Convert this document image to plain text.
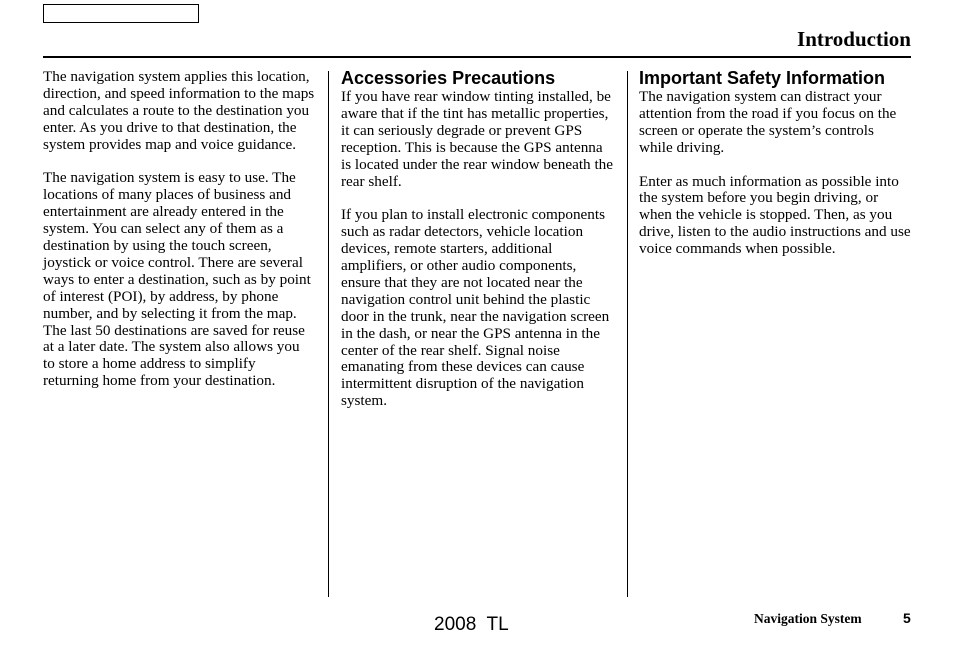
Introduction

The navigation system applies this location, direction, and speed information to the maps and calculates a route to the destination you enter. As you drive to that destination, the system provides map and voice guidance.

The navigation system is easy to use. The locations of many places of business and entertainment are already entered in the system. You can select any of them as a destination by using the touch screen, joystick or voice control. There are several ways to enter a destination, such as by point of interest (POI), by address, by phone number, and by selecting it from the map. The last 50 destinations are saved for reuse at a later date. The system also allows you to store a home address to simplify returning home from your destination.

Accessories Precautions

If you have rear window tinting installed, be aware that if the tint has metallic properties, it can seriously degrade or prevent GPS reception. This is because the GPS antenna is located under the rear window beneath the rear shelf.

If you plan to install electronic components such as radar detectors, vehicle location devices, remote starters, additional amplifiers, or other audio components, ensure that they are not located near the navigation control unit behind the plastic door in the trunk, near the navigation screen in the dash, or near the GPS antenna in the center of the rear shelf. Signal noise emanating from these devices can cause intermittent disruption of the navigation system.

Important Safety Information

The navigation system can distract your attention from the road if you focus on the screen or operate the system’s controls while driving.

Enter as much information as possible into the system before you begin driving, or when the vehicle is stopped. Then, as you drive, listen to the audio instructions and use voice commands when possible.

2008  TL	Navigation System	5
